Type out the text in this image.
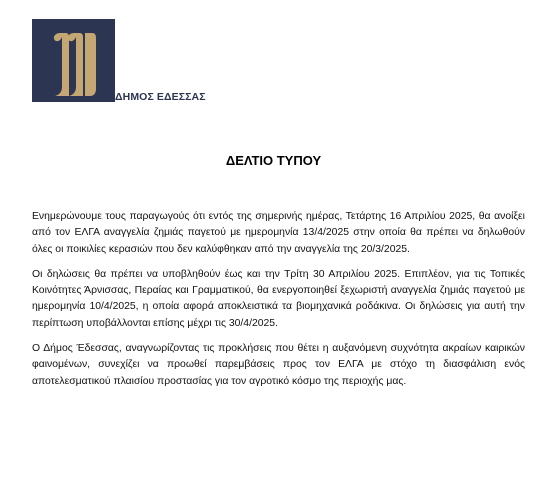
ΔΗΜΟΣ ΕΔΕΣΣΑΣ
ΔΕΛΤΙΟ ΤΥΠΟΥ

Ενημερώνουμε τους παραγωγούς ότι εντός της σημερινής ημέρας, Τετάρτης 16 Απριλίου 2025, θα ανοίξει από τον ΕΛΓΑ αναγγελία ζημιάς παγετού με ημερομηνία 13/4/2025 στην οποία θα πρέπει να δηλωθούν όλες οι ποικιλίες κερασιών που δεν καλύφθηκαν από την αναγγελία της 20/3/2025.

Οι δηλώσεις θα πρέπει να υποβληθούν έως και την Τρίτη 30 Απριλίου 2025. Επιπλέον, για τις Τοπικές Κοινότητες Άρνισσας, Περαίας και Γραμματικού, θα ενεργοποιηθεί ξεχωριστή αναγγελία ζημιάς παγετού με ημερομηνία 10/4/2025, η οποία αφορά αποκλειστικά τα βιομηχανικά ροδάκινα. Οι δηλώσεις για αυτή την περίπτωση υποβάλλονται επίσης μέχρι τις 30/4/2025.

Ο Δήμος Έδεσσας, αναγνωρίζοντας τις προκλήσεις που θέτει η αυξανόμενη συχνότητα ακραίων καιρικών φαινομένων, συνεχίζει να προωθεί παρεμβάσεις προς τον ΕΛΓΑ με στόχο τη διασφάλιση ενός αποτελεσματικού πλαισίου προστασίας για τον αγροτικό κόσμο της περιοχής μας.
